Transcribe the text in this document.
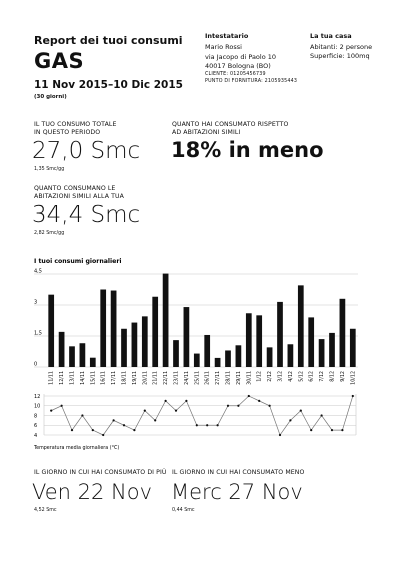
Report dei tuoi consumi
GAS
11 Nov 2015–10 Dic 2015
(30 giorni)
Intestatario
Mario Rossi
via Jacopo di Paolo 10
40017 Bologna (BO)
CLIENTE: 01205456739
PUNTO DI FORNITURA: 2105935443
La tua casa
Abitanti: 2 persone
Superficie: 100mq
IL TUO CONSUMO TOTALE
IN QUESTO PERIODO
27,0 Smc
1,35 Smc/gg
QUANTO HAI CONSUMATO RISPETTO
AD ABITAZIONI SIMILI
18% in meno
QUANTO CONSUMANO LE
ABITAZIONI SIMILI ALLA TUA
34,4 Smc
2,82 Smc/gg
I tuoi consumi giornalieri
0
1,5
3
4,5
11/11 12/11 13/11 14/11 15/11 16/11 17/11 18/11 19/11 20/11 21/11 22/11 23/11 24/11 25/11 26/11 27/11 28/11 29/11 30/11 1/12 2/12 3/12 4/12 5/12 6/12 7/12 8/12 9/12 10/12
12
10
8
6
4
Temperatura media giornaliera (°C)
IL GIORNO IN CUI HAI CONSUMATO DI PIÙ
Ven 22 Nov
4,52 Smc
IL GIORNO IN CUI HAI CONSUMATO MENO
Merc 27 Nov
0,44 Smc
